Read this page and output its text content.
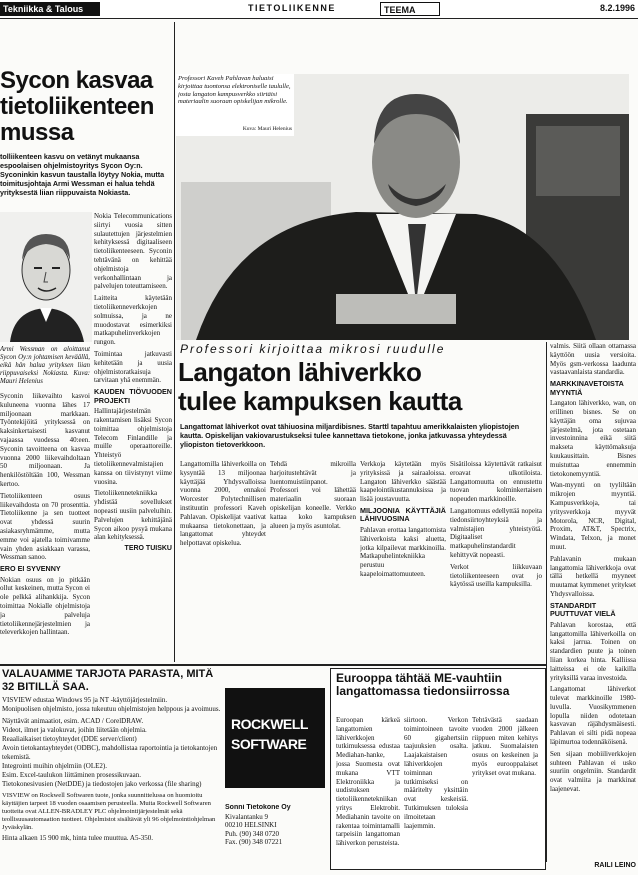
Tekniikka & Talous	TIETOLIIKENNE	TEEMA	8.2.1996
Sycon kasvaa tietoliikenteen mussa
tolliikenteen kasvu on vetänyt mukaansa espoolaisen ohjelmistoyritys Sycon Oy:n. Syconinkin kasvun taustalla löytyy Nokia, mutta toimitusjohtaja Armi Wessman ei halua tehdä yrityksestä liian riippuvaista Nokiasta.
Armi Wessman on aloittanut Sycon Oy:n johtamisen keväällä, eikä hän halua yrityksen liian riippuvaiseksi Nokiasta. Kuva: Mauri Helenius

Syconin liikevaihto kasvoi kuluneena vuonna lähes 17 miljoonaan markkaan. Työntekijöitä yrityksessä on kaksinkertaisesti kasvanut vajaassa vuodessa 40:een. Syconin tavoitteena on kasvaa vuonna 2000 liikevaihdoltaan 50 miljoonaan. Ja henkilöstöltään 100, Wessman kertoo.

Tietoliikenteen osuus liikevaihdosta on 70 prosenttia. Tietoliikenne ja sen tuotteet ovat yhdessä suurin asiakasryhmämme, mutta emme voi ajatella toimivamme vain yhden asiakkaan varassa, Wessman sanoo.

ERO EI SYVENNY

Nokian osuus on jo pitkään ollut keskeinen, mutta Sycon ei ole pelkkä alihankkija. Sycon toimittaa Nokialle ohjelmistoja ja palveluja tietoliikennejärjestelmien ja televerkkojen hallintaan.

Nokia Telecommunications siirtyi vuosia sitten sulautettujen järjestelmien kehityksessä digitaaliseen tietoliikenteeseen. Syconin tehtävänä on kehittää ohjelmistoja verkonhallintaan ja palvelujen toteuttamiseen.

Laitteita käytetään tietoliikenneverkkojen solmuissa, ja ne muodostavat esimerkiksi matkapuhelinverkkojen rungon.

Toimintaa jatkuvasti kehitetään ja uusia ohjelmistoratkaisuja tarvitaan yhä enemmän.

KAUDEN TIÖVUODEN PROJEKTI

Hallintajärjestelmän rakentamisen lisäksi Sycon toimittaa ohjelmistoja Telecom Finlandille ja muille operaattoreille. Yhteistyö tietoliikennevalmistajien kanssa on tiivistynyt viime vuosina.

Tietoliikennetekniikka yhdistää sovellukset nopeasti uusiin palveluihin. Palvelujen kehittäjänä Sycon aikoo pysyä mukana alan kehityksessä.

TERO TUISKU
Professori Kaveh Pahlavan haluaisi kirjoittaa tuontonsa elektroniselle taululle, josta langaton kampusverkko siirtäisi materiaalin suoraan opiskelijan mikrolle.
Kuva: Mauri Helenius
Professori kirjoittaa mikrosi ruudulle
Langaton lähiverkko tulee kampuksen kautta
Langattomat lähiverkot ovat tähiuosina miljardibisnes. Starttl tapahtuu amerikkalaisten yliopistojen kautta. Opiskelijan vakiovarustukseksi tulee kannettava tietokone, jonka jatkuvassa yhteydessä yliopiston tietoverkkoon.
Langattomilla lähiverkoilla on kysyntää 13 miljoonaa käyttäjää Yhdysvalloissa vuonna 2000, ennakoi Worcester Polytechnillisen instituutin professori Kaveh Pahlavan. Opiskelijat vaativat mukaansa tietokonettaan, ja langattomat yhteydet helpottavat opiskelua.
Tehdä mikroilla harjoitustehtävät ja luentomuistiinpanot. Professori voi lähettää materiaalin suoraan opiskelijan koneelle. Verkko kattaa koko kampuksen alueen ja myös asuntolat.

Verkkoja käytetään myös yrityksissä ja sairaaloissa. Langaton lähiverkko säästää kaapelointikustannuksissa ja lisää joustavuutta.

MILJOONIA KÄYTTÄJIÄ LÄHIVUOSINA

Pahlavan erottaa langattomista lähiverkoista kaksi aluetta, jotka kilpailevat markkinoilla. Matkapuhelintekniikka perustuu kaapeloimattomuuteen.

Sisätiloissa käytettävät ratkaisut eroavat ulkotiloista. Langattomuutta on ennustettu tuovan kolminkertaisen nopeuden markkinoille.

Langattomuus edellyttää nopeita tiedonsiirtoyhteyksiä ja valmistajien yhteistyötä. Digitaaliset matkapuhelinstandardit kehittyvät nopeasti.

Verkot liikkuvaan tietoliikenteeseen ovat jo käytössä useilla kampuksilla.

valmis. Siitä ollaan ottamassa käyttöön uusia versioita. Myös gsm-verkossa laadunta vastaavanlaista standardia.

MARKKINAVETOISTA MYYNTIÄ

Langaton lähiverkko, wan, on erillinen bisnes. Se on käyttäjän oma sujuvaa järjestelmä, jota ostetaan investoinnina eikä siitä makseta käyttömaksuja kuukausittain. Bisnes muistuttaa ennemmin tietokonemyyntiä.

Wan-myynti on tyyliltään mikrojen myyntiä. Kampusverkkoja, tai yritysverkkoja myyvät Motorola, NCR, Digital, Proxim, AT&T, Spectrix, Windata, Telxon, ja monet muut.

Pahlavanin mukaan langattomia lähiverkkoja ovat tällä hetkellä myyneet muutamat kymmenet yritykset Yhdysvalloissa.

STANDARDIT PUUTTUVAT VIELÄ

Pahlavan korostaa, että langattomilla lähiverkoilla on kaksi jarrua. Toinen on standardien puute ja toinen liian korkea hinta. Kalliissa laitteissa ei ole kaikilla yrityksillä varaa investoida.

Langattomat lähiverkot tulevat markkinoille 1980-luvulla. Vuosikymmenen lopulla niiden odotetaan kasvavan räjähdysmäisesti. Pahlavan ei silti pidä nopeaa läpimurtoa todennäköisenä.

Sen sijaan mobiiliverkkojen suhteen Pahlavan ei usko suuriin ongelmiin. Standardit ovat valmiita ja markkinat laajenevat.

RAILI LEINO
VALAUAMME TARJOTA PARASTA, MITÄ 32 BITILLÄ SAA.
VISVIEW edustaa Windows 95 ja NT -käyttöjärjestelmiin.
Monipuolisen ohjelmisto, jossa tukeutuu ohjelmistojen helppous ja avoimuus.
Näyttävät animaatiot, esim. ACAD / CorelDRAW.
Videot, ilmet ja valokuvat, joihin liitetään ohjelmia.
Reaaliaikaiset tietoyhteydet (DDE server/client)
Avoin tietokantayhteydet (ODBC), mahdollistaa raportointia ja tietokantojen tekemistä.
Integrointi muihin ohjelmiin (OLE2).
Esim. Excel-taulukon liittäminen prosessikuvaan.
Tietokonesivusien (NetDDE) ja tiedostojen jako verkossa (file sharing)
VISVIEW on Rockwell Softwaren tuote, jonka suunnittelussa on huomioitu käyttäjien tarpeet 18 vuoden osaamisen perusteella. Muita Rockwell Softwaren tuotteita ovat ALLEN-BRADLEY PLC ohjelmointijärjestelmät sekä teollisuusautomaation tuotteet. Ohjelmistot sisältävät yli 96 ohjelmointiohjelman Jyväskylän.
Hinta alkaen 15 900 mk, hinta tulee muuttua. A5-350.
ROCKWELL
SOFTWARE
Sonni Tietokone Oy
Kivalantanku 9
00210 HELSINKI
Puh. (90) 348 0720
Fax. (90) 348 07221
Eurooppa tähtää ME-vauhtiin langattomassa tiedonsiirrossa
Euroopan kärkeä langattomien lähiverkkojen tutkimuksessa edustaa Mediahan-hanke, jossa Suomesta ovat mukana VTT Elektroniikka ja uudistuksen tietoliikennetekniikan yritys Elektrobit. Mediahanin tavoite on rakentaa toimintamalli tarpeisiin langattoman lähiverkon perusteista.
siirtoon. Verkon toimintoineen tavoite 60 gigahertsiin taajuuksien osalta. Laajakaistaisen lähiverkkojen toiminnan tutkimiseksi on määritelty yksittäin ovat keskeisiä. Tutkimuksen tuloksia ilmoitetaan laajemmin.
Tehtävästä saadaan vuoden 2000 jälkeen riippuen miten kehitys jatkuu. Suomalaisten osuus on keskeinen ja myös eurooppalaiset yritykset ovat mukana.
